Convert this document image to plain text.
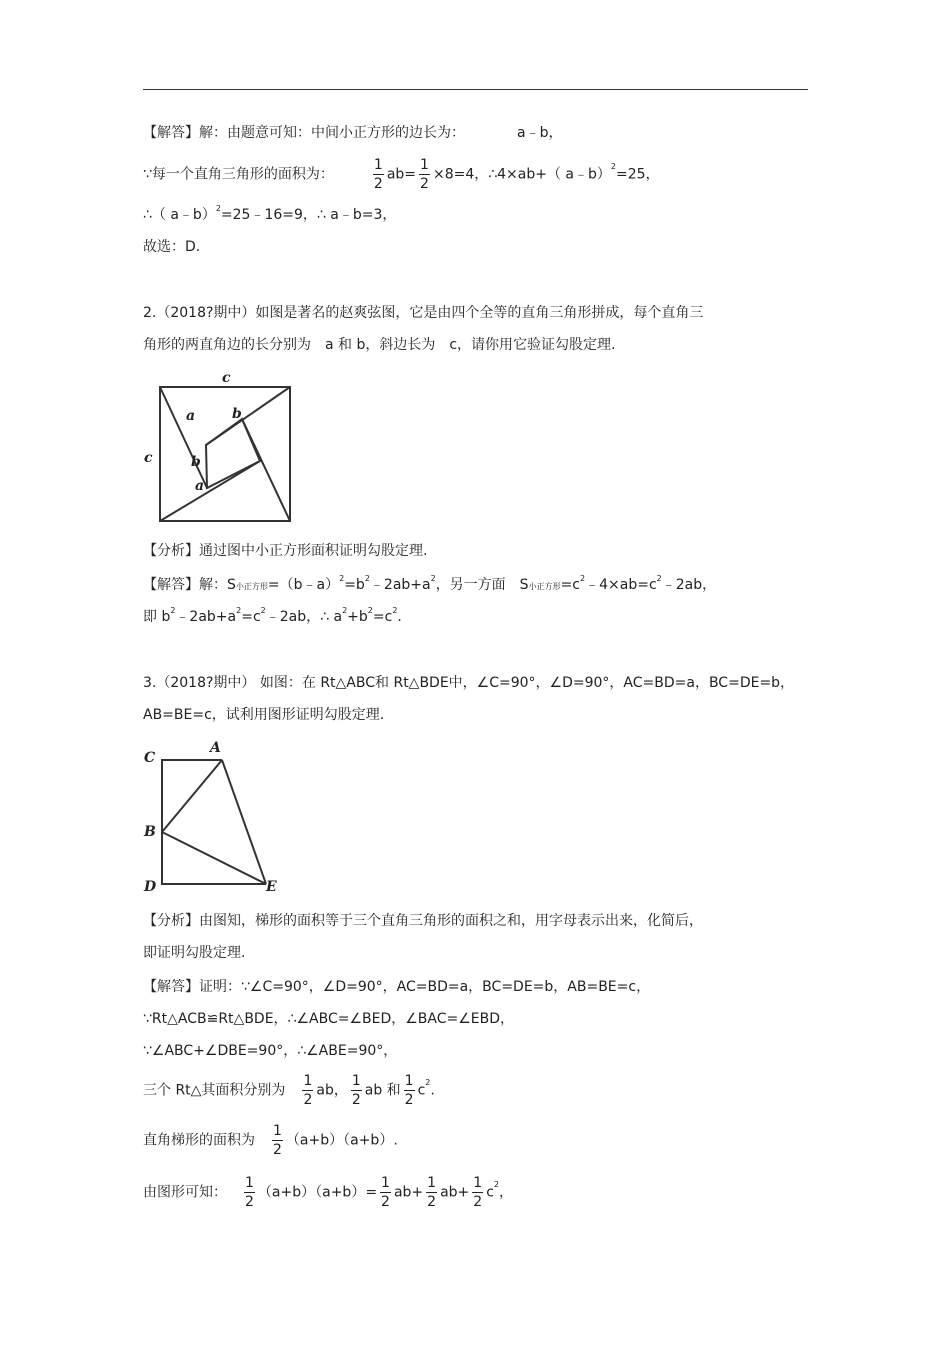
【解答】解：由题意可知：中间小正方形的边长为：	a﹣b，
∵每一个直角三角形的面积为：	$\frac{1}{2} ab= \frac{1}{2} \times 8=4$，∴4×ab+（ a﹣b）$^2$=25，
∴（ a﹣b）$^2$=25﹣16=9，∴ a﹣b=3，
故选：D.
2.（2018?期中）如图是著名的赵爽弦图，它是由四个全等的直角三角形拼成，每个直角三
角形的两直角边的长分别为　a 和 b，斜边长为　c，请你用它验证勾股定理.
c
c
a	b
b
a
【分析】通过图中小正方形面积证明勾股定理.
【解答】解：S小正方形$=(b﹣a)^2=b^2﹣2ab+a^2$，另一方面　S小正方形$=c^2﹣4\times ab=c^2﹣2ab$，
即 $b^2﹣2ab+a^2=c^2﹣2ab$，∴ $a^2+b^2=c^2$.
3.（2018?期中） 如图：在 Rt△ABC和 Rt△BDE中，∠C=90°，∠D=90°，AC=BD=a，BC=DE=b，
AB=BE=c，试利用图形证明勾股定理.
A
C
B
D	E
【分析】由图知，梯形的面积等于三个直角三角形的面积之和，用字母表示出来，化简后，
即证明勾股定理.
【解答】证明：∵∠C=90°，∠D=90°，AC=BD=a，BC=DE=b，AB=BE=c，
∵Rt△ACB≌Rt△BDE，∴∠ABC=∠BED，∠BAC=∠EBD，
∵∠ABC+∠DBE=90°，∴∠ABE=90°，
三个 Rt△其面积分别为 $\frac{1}{2}$ ab， $\frac{1}{2}$ ab 和 $\frac{1}{2} c^2$.
直角梯形的面积为 $\frac{1}{2} (a+b)(a+b)$.
由图形可知： $\frac{1}{2} (a+b)(a+b)= \frac{1}{2} ab+ \frac{1}{2} ab+ \frac{1}{2} c^2$，
